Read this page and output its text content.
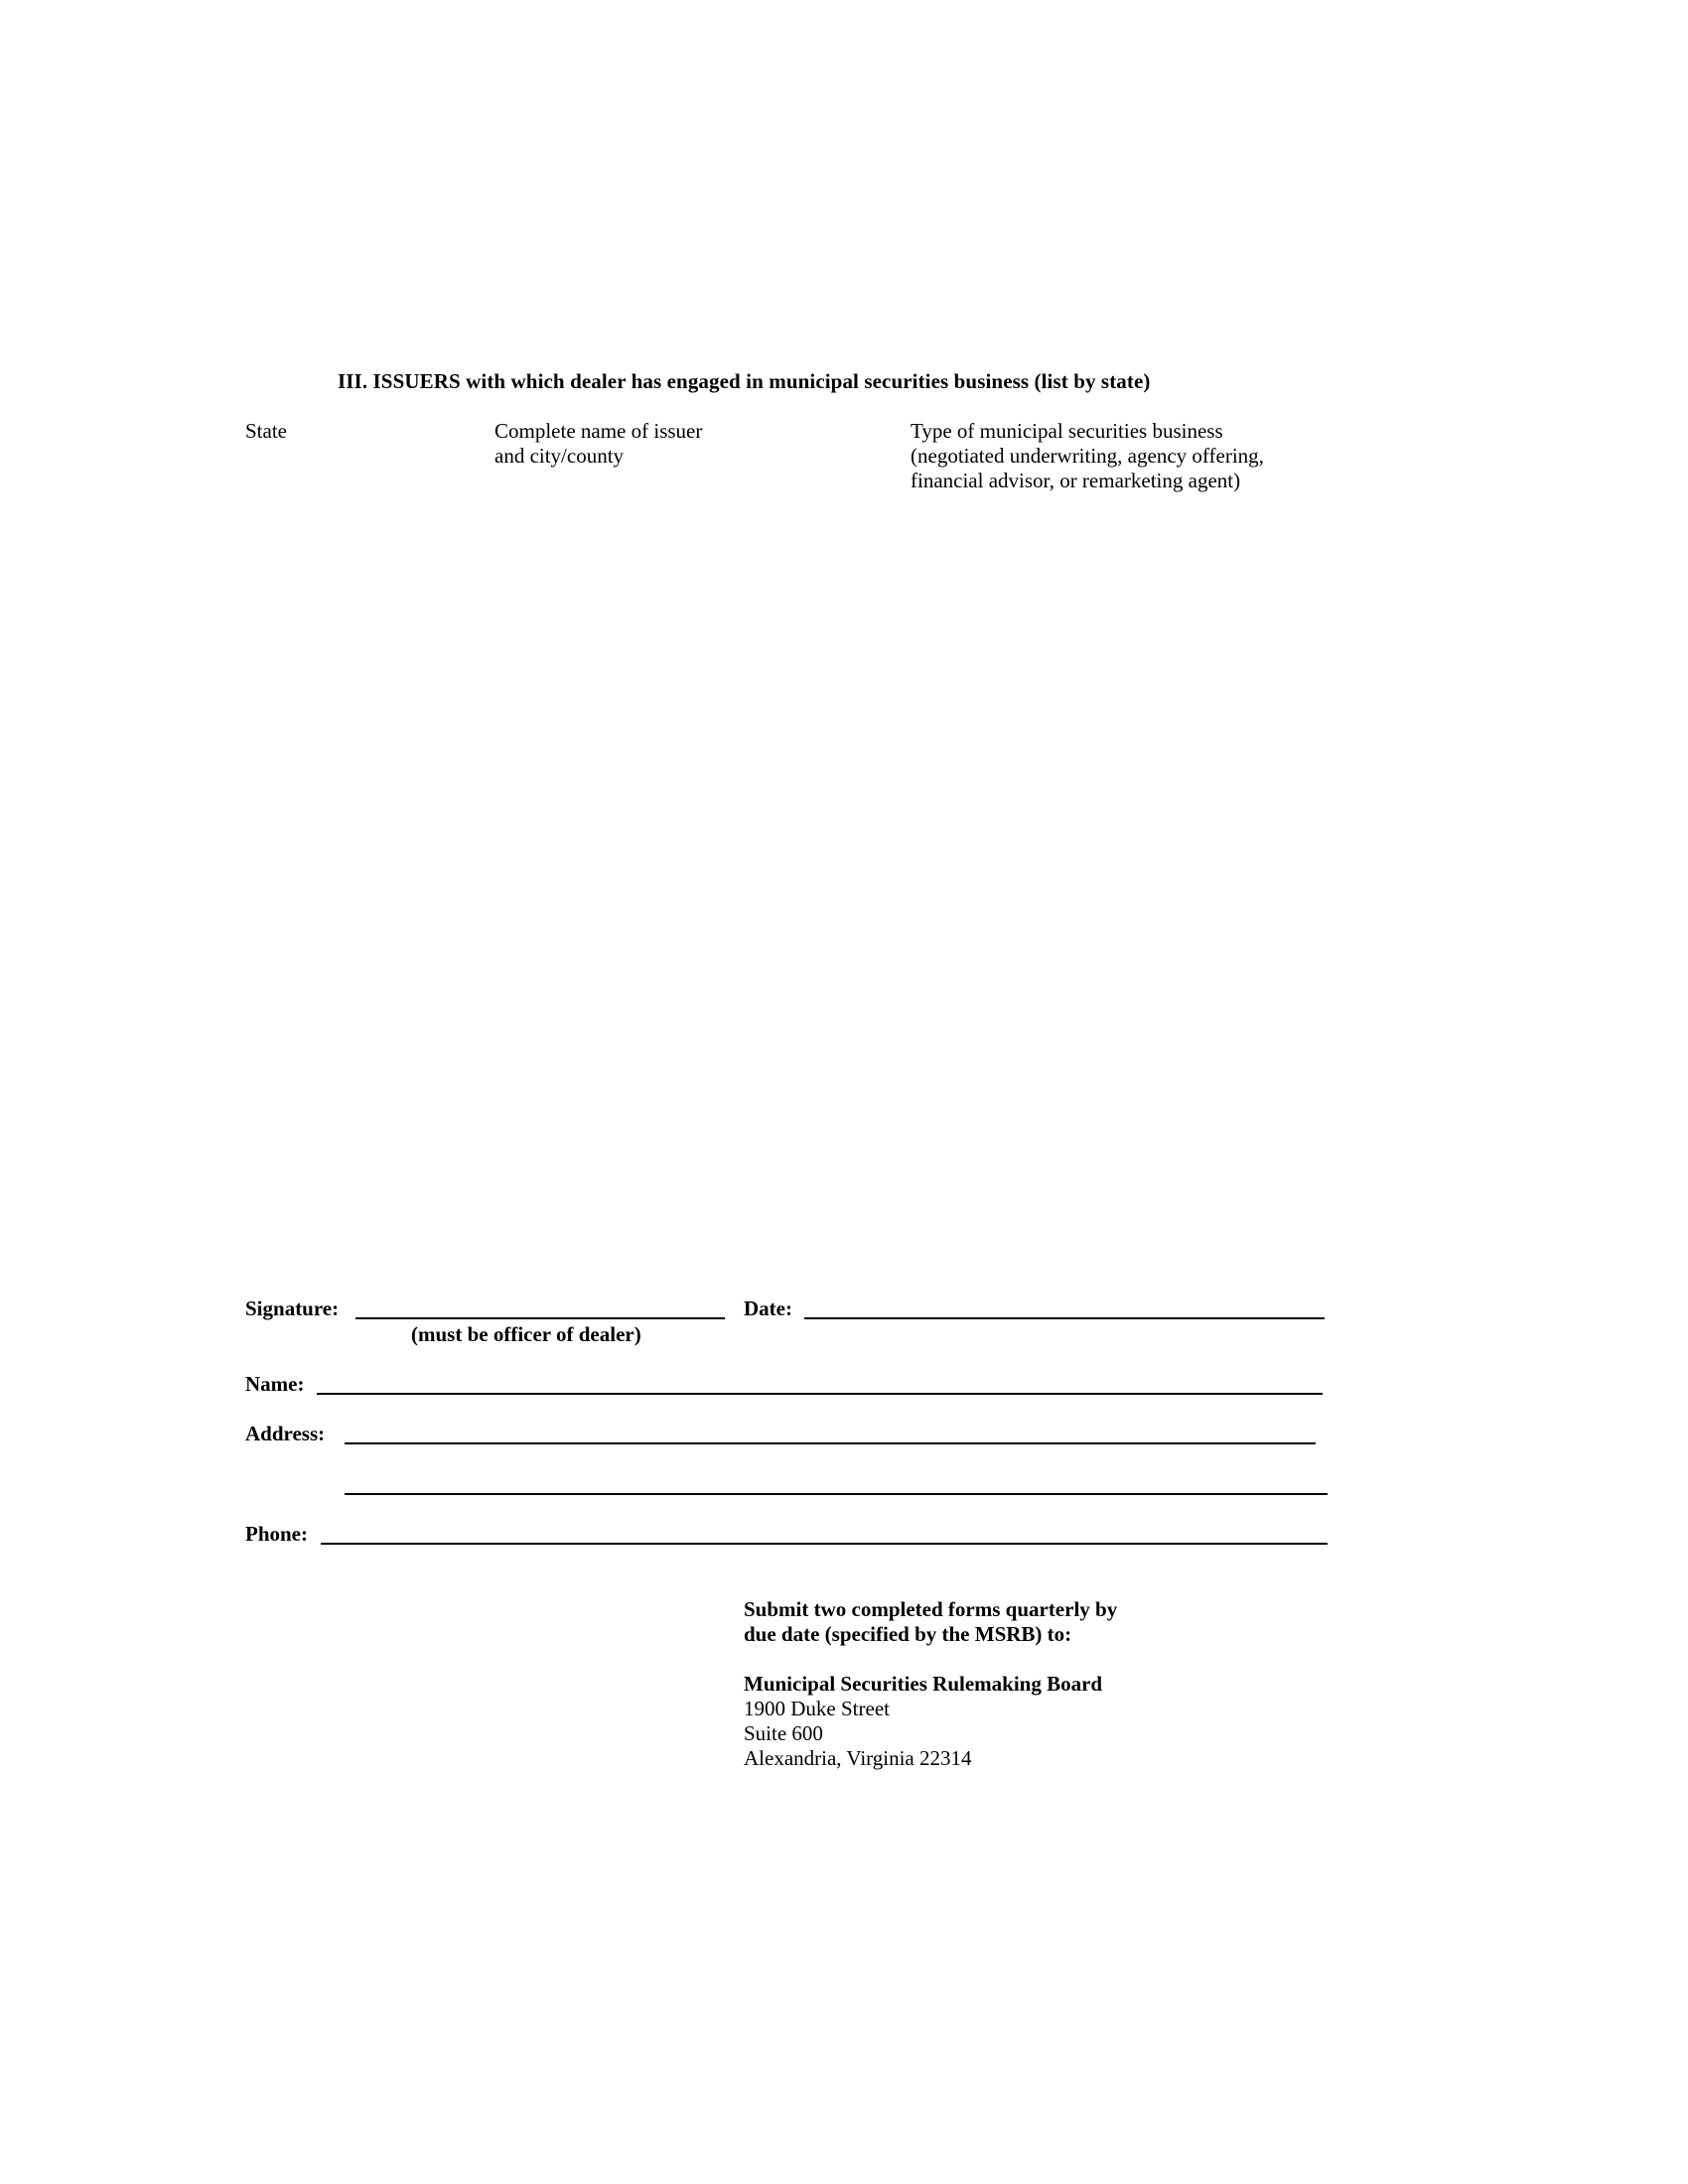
III. ISSUERS with which dealer has engaged in municipal securities business (list by state)
State	Complete name of issuer
and city/county
Type of municipal securities business
(negotiated underwriting, agency offering,
financial advisor, or remarketing agent)
Signature:
(must be officer of dealer)
Date:
Name:
Address:
Phone:
Submit two completed forms quarterly by
due date (specified by the MSRB) to:
Municipal Securities Rulemaking Board
1900 Duke Street
Suite 600
Alexandria, Virginia 22314
